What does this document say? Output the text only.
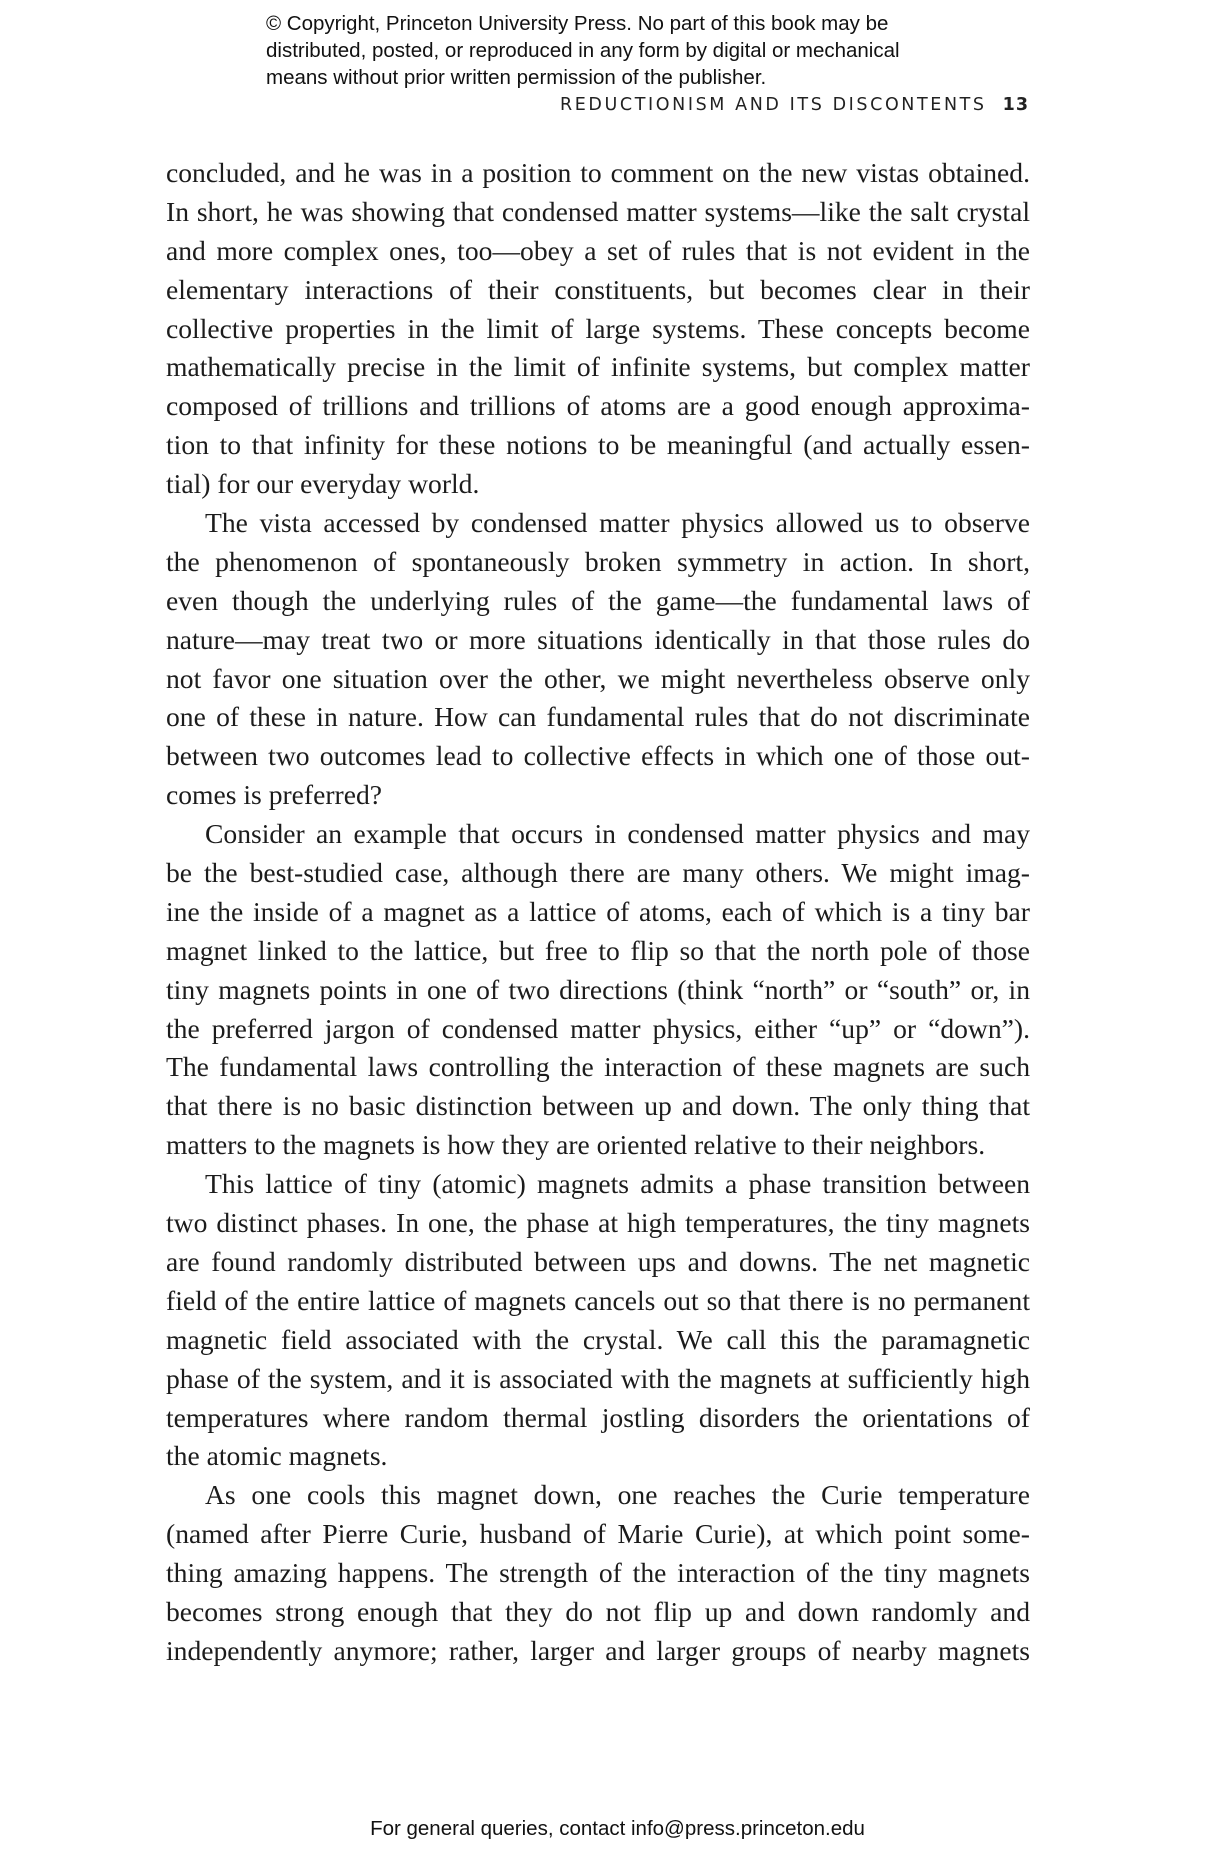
© Copyright, Princeton University Press. No part of this book may be
distributed, posted, or reproduced in any form by digital or mechanical
means without prior written permission of the publisher.
REDUCTIONISM AND ITS DISCONTENTS 13
concluded, and he was in a position to comment on the new vistas obtained.
In short, he was showing that condensed matter systems—like the salt crystal
and more complex ones, too—obey a set of rules that is not evident in the
elementary interactions of their constituents, but becomes clear in their
collective properties in the limit of large systems. These concepts become
mathematically precise in the limit of infinite systems, but complex matter
composed of trillions and trillions of atoms are a good enough approxima-
tion to that infinity for these notions to be meaningful (and actually essen-
tial) for our everyday world.
The vista accessed by condensed matter physics allowed us to observe
the phenomenon of spontaneously broken symmetry in action. In short,
even though the underlying rules of the game—the fundamental laws of
nature—may treat two or more situations identically in that those rules do
not favor one situation over the other, we might nevertheless observe only
one of these in nature. How can fundamental rules that do not discriminate
between two outcomes lead to collective effects in which one of those out-
comes is preferred?
Consider an example that occurs in condensed matter physics and may
be the best-studied case, although there are many others. We might imag-
ine the inside of a magnet as a lattice of atoms, each of which is a tiny bar
magnet linked to the lattice, but free to flip so that the north pole of those
tiny magnets points in one of two directions (think “north” or “south” or, in
the preferred jargon of condensed matter physics, either “up” or “down”).
The fundamental laws controlling the interaction of these magnets are such
that there is no basic distinction between up and down. The only thing that
matters to the magnets is how they are oriented relative to their neighbors.
This lattice of tiny (atomic) magnets admits a phase transition between
two distinct phases. In one, the phase at high temperatures, the tiny magnets
are found randomly distributed between ups and downs. The net magnetic
field of the entire lattice of magnets cancels out so that there is no permanent
magnetic field associated with the crystal. We call this the paramagnetic
phase of the system, and it is associated with the magnets at sufficiently high
temperatures where random thermal jostling disorders the orientations of
the atomic magnets.
As one cools this magnet down, one reaches the Curie temperature
(named after Pierre Curie, husband of Marie Curie), at which point some-
thing amazing happens. The strength of the interaction of the tiny magnets
becomes strong enough that they do not flip up and down randomly and
independently anymore; rather, larger and larger groups of nearby magnets
For general queries, contact info@press.princeton.edu
